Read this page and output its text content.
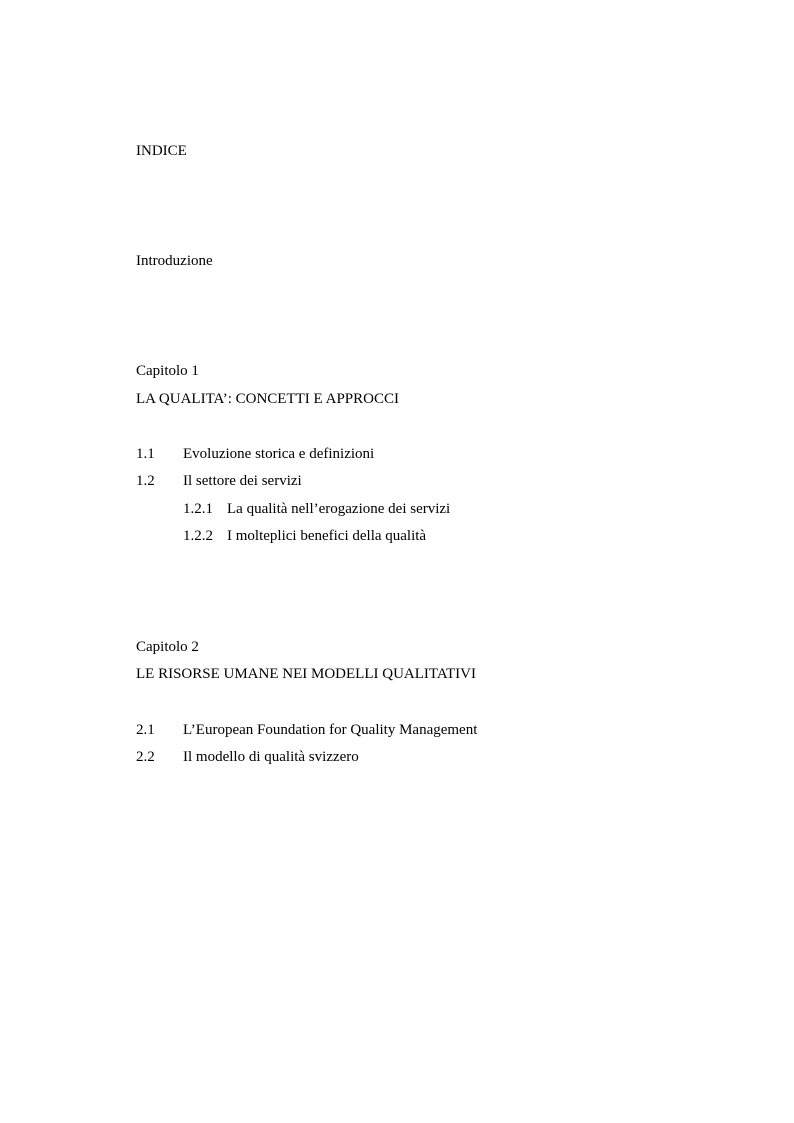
INDICE
Introduzione
Capitolo 1
LA QUALITA’: CONCETTI E APPROCCI
1.1 Evoluzione storica e definizioni
1.2 Il settore dei servizi
1.2.1 La qualità nell’erogazione dei servizi
1.2.2 I molteplici benefici della qualità
Capitolo 2
LE RISORSE UMANE NEI MODELLI QUALITATIVI
2.1 L’European Foundation for Quality Management
2.2 Il modello di qualità svizzero
